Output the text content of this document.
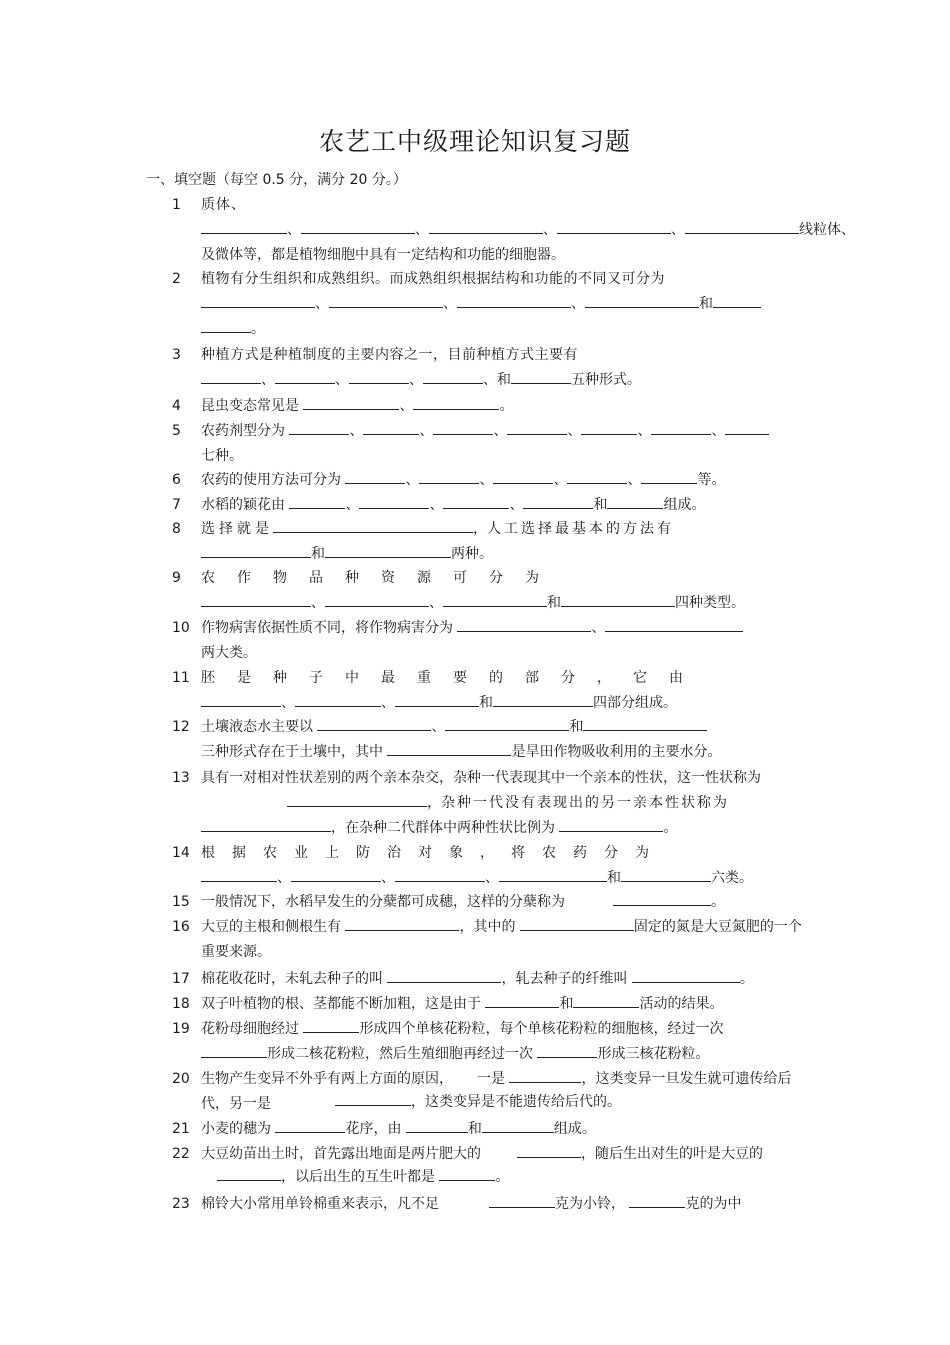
农艺工中级理论知识复习题
一、填空题（每空 0.5 分，满分 20 分。）
1	质体、
、	、	、	、	线粒体、
及微体等，都是植物细胞中具有一定结构和功能的细胞器。
2	植物有分生组织和成熟组织。而成熟组织根据结构和功能的不同又可分为
、	、	、	和
。
3	种植方式是种植制度的主要内容之一，目前种植方式主要有
、	、	、	、和	五种形式。
4	昆虫变态常见是	、	。
5	农药剂型分为	、	、	、	、	、	、
七种。
6	农药的使用方法可分为	、	、	、	、	等。
7	水稻的颖花由	、	、	、	和	组成。
8	选择就是	，人工选择最基本的方法有
和	两种。
9	农作物品种资源可分为
、	、	和	四种类型。
10 作物病害依据性质不同，将作物病害分为	、
两大类。
11 胚是种子中最重要的部分，它由
、	、	和	四部分组成。
12 土壤液态水主要以	、	和
三种形式存在于土壤中，其中	是旱田作物吸收利用的主要水分。
13 具有一对相对性状差别的两个亲本杂交，杂种一代表现其中一个亲本的性状，这一性状称为
，杂种一代没有表现出的另一亲本性状称为
，在杂种二代群体中两种性状比例为	。
14 根据农业上防治对象，将农药分为
、	、	、	和	六类。
15 一般情况下，水稻早发生的分蘖都可成穗，这样的分蘖称为	。
16 大豆的主根和侧根生有	，其中的	固定的氮是大豆氮肥的一个重要来源。
17 棉花收花时，未轧去种子的叫	，轧去种子的纤维叫	。
18 双子叶植物的根、茎都能不断加粗，这是由于	和	活动的结果。
19 花粉母细胞经过	形成四个单核花粉粒，每个单核花粉粒的细胞核，经过一次
形成二核花粉粒，然后生殖细胞再经过一次	形成三核花粉粒。
20 生物产生变异不外乎有两上方面的原因， 一是	，这类变异一旦发生就可遗传给后代，另一是	，这类变异是不能遗传给后代的。
21 小麦的穗为	花序，由	和	组成。
22 大豆幼苗出土时，首先露出地面是两片肥大的	，随后生出对生的叶是大豆的
，以后出生的互生叶都是	。
23 棉铃大小常用单铃棉重来表示，凡不足	克为小铃，	克的为中
